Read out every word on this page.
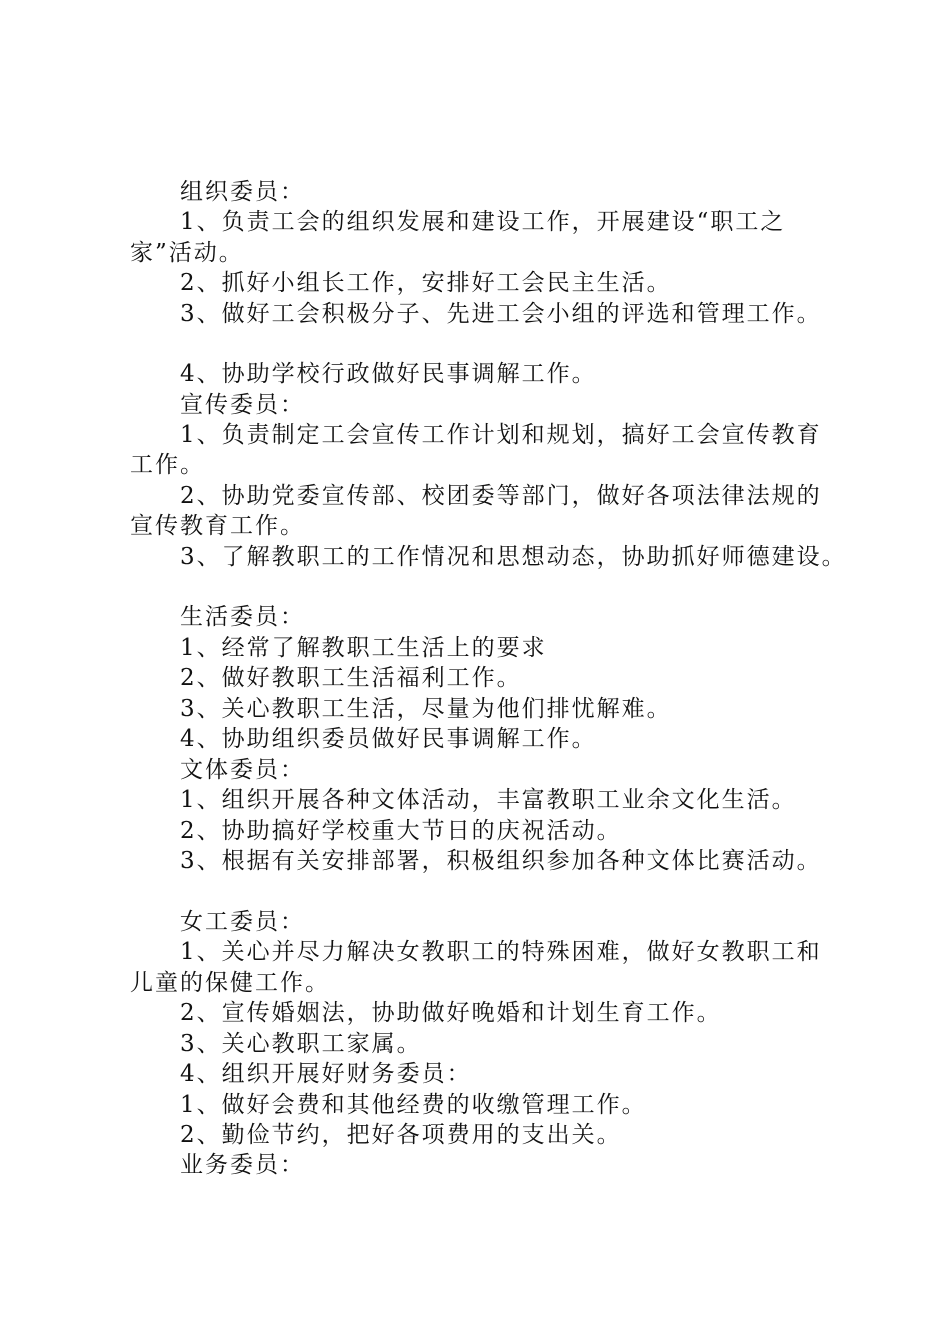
组织委员：
1、负责工会的组织发展和建设工作，开展建设“职工之
家”活动。
2、抓好小组长工作，安排好工会民主生活。
3、做好工会积极分子、先进工会小组的评选和管理工作。
4、协助学校行政做好民事调解工作。
宣传委员：
1、负责制定工会宣传工作计划和规划，搞好工会宣传教育
工作。
2、协助党委宣传部、校团委等部门，做好各项法律法规的
宣传教育工作。
3、了解教职工的工作情况和思想动态，协助抓好师德建设。
生活委员：
1、经常了解教职工生活上的要求
2、做好教职工生活福利工作。
3、关心教职工生活，尽量为他们排忧解难。
4、协助组织委员做好民事调解工作。
文体委员：
1、组织开展各种文体活动，丰富教职工业余文化生活。
2、协助搞好学校重大节日的庆祝活动。
3、根据有关安排部署，积极组织参加各种文体比赛活动。
女工委员：
1、关心并尽力解决女教职工的特殊困难，做好女教职工和
儿童的保健工作。
2、宣传婚姻法，协助做好晚婚和计划生育工作。
3、关心教职工家属。
4、组织开展好财务委员：
1、做好会费和其他经费的收缴管理工作。
2、勤俭节约，把好各项费用的支出关。
业务委员：
